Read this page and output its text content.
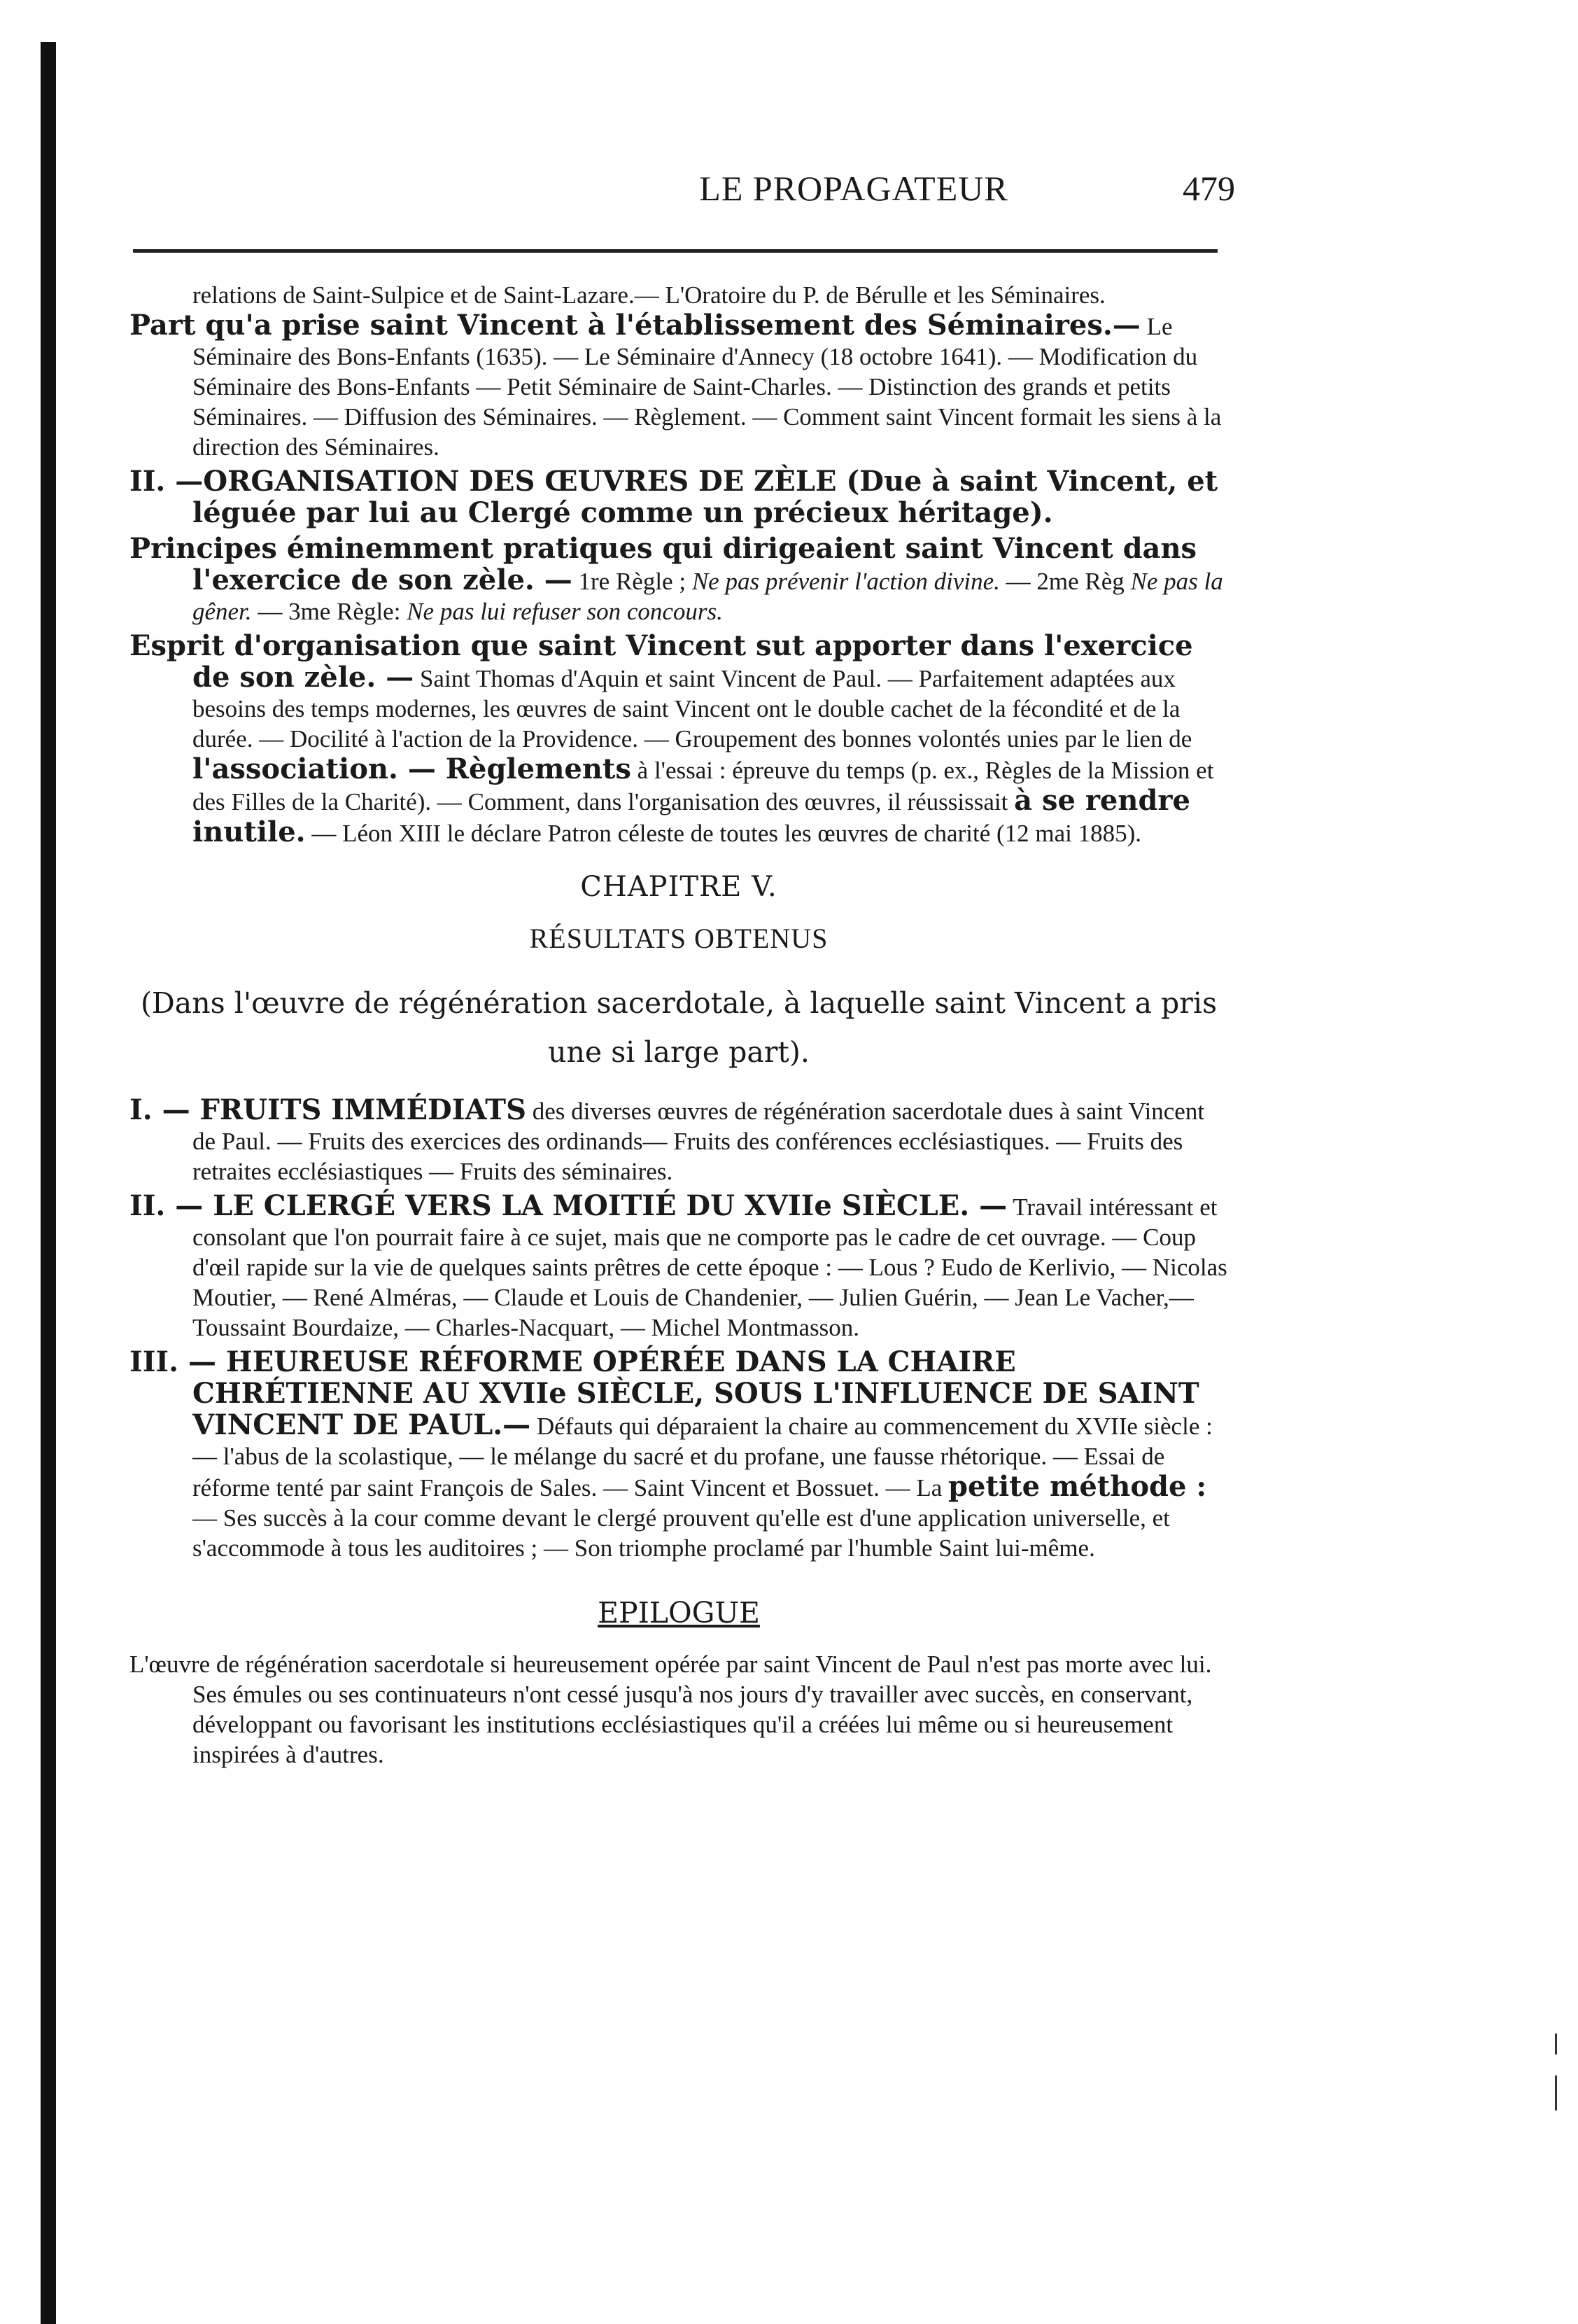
LE PROPAGATEUR	479

relations de Saint-Sulpice et de Saint-Lazare.— L'Oratoire du P. de Bérulle et les Séminaires.

Part qu'a prise saint Vincent à l'établissement des Séminaires.— Le Séminaire des Bons-Enfants (1635). — Le Séminaire d'Annecy (18 octobre 1641). — Modification du Séminaire des Bons-Enfants — Petit Séminaire de Saint-Charles. — Distinction des grands et petits Séminaires. — Diffusion des Séminaires. — Règlement. — Comment saint Vincent formait les siens à la direction des Séminaires.
II. —ORGANISATION DES ŒUVRES DE ZÈLE (Due à saint Vincent, et léguée par lui au Clergé comme un précieux héritage).
Principes éminemment pratiques qui dirigeaient saint Vincent dans l'exercice de son zèle. — 1re Règle ; Ne pas prévenir l'action divine. — 2me Règ Ne pas la gêner. — 3me Règle: Ne pas lui refuser son concours.
Esprit d'organisation que saint Vincent sut apporter dans l'exercice de son zèle. — Saint Thomas d'Aquin et saint Vincent de Paul. — Parfaitement adaptées aux besoins des temps modernes, les œuvres de saint Vincent ont le double cachet de la fécondité et de la durée. — Docilité à l'action de la Providence. — Groupement des bonnes volontés unies par le lien de l'association. — Règlements à l'essai : épreuve du temps (p. ex., Règles de la Mission et des Filles de la Charité). — Comment, dans l'organisation des œuvres, il réussissait à se rendre inutile. — Léon XIII le déclare Patron céleste de toutes les œuvres de charité (12 mai 1885).
CHAPITRE V.
RÉSULTATS OBTENUS
(Dans l'œuvre de régénération sacerdotale, à laquelle saint Vincent a pris une si large part).
I. — FRUITS IMMÉDIATS des diverses œuvres de régénération sacerdotale dues à saint Vincent de Paul. — Fruits des exercices des ordinands— Fruits des conférences ecclésiastiques. — Fruits des retraites ecclésiastiques — Fruits des séminaires.
II. — LE CLERGÉ VERS LA MOITIÉ DU XVIIe SIÈCLE. — Travail intéressant et consolant que l'on pourrait faire à ce sujet, mais que ne comporte pas le cadre de cet ouvrage. — Coup d'œil rapide sur la vie de quelques saints prêtres de cette époque : — Lous ? Eudo de Kerlivio, — Nicolas Moutier, — René Alméras, — Claude et Louis de Chandenier, — Julien Guérin, — Jean Le Vacher,— Toussaint Bourdaize, — Charles-Nacquart, — Michel Montmasson.
III. — HEUREUSE RÉFORME OPÉRÉE DANS LA CHAIRE CHRÉTIENNE AU XVIIe SIÈCLE, SOUS L'INFLUENCE DE SAINT VINCENT DE PAUL.— Défauts qui déparaient la chaire au commencement du XVIIe siècle : — l'abus de la scolastique, — le mélange du sacré et du profane, une fausse rhétorique. — Essai de réforme tenté par saint François de Sales. — Saint Vincent et Bossuet. — La petite méthode : — Ses succès à la cour comme devant le clergé prouvent qu'elle est d'une application universelle, et s'accommode à tous les auditoires ; — Son triomphe proclamé par l'humble Saint lui-même.
EPILOGUE

L'œuvre de régénération sacerdotale si heureusement opérée par saint Vincent de Paul n'est pas morte avec lui. Ses émules ou ses continuateurs n'ont cessé jusqu'à nos jours d'y travailler avec succès, en conservant, développant ou favorisant les institutions ecclésiastiques qu'il a créées lui même ou si heureusement inspirées à d'autres.
